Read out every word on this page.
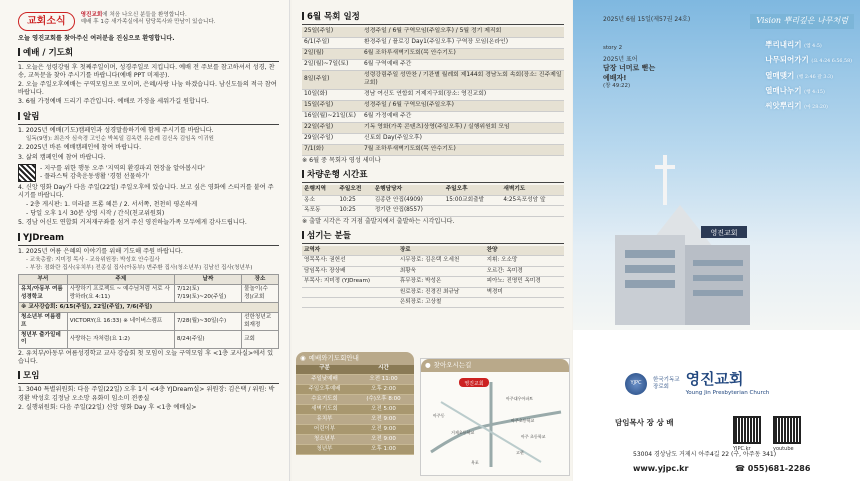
교회소식
영진교회에 처음 나오신 분들을 환영합니다.
예배 후 1층 새가족실에서 담당목사와 만남이 있습니다.
오늘 영진교회를 찾아주신 여러분을 진심으로 환영합니다.
예배 / 기도회
1. 오늘은 성령강림 후 첫째주일이며, 성경주일로 지킵니다. 예배 전 주보를 참고하셔서 성경, 찬송, 교독문을 찾아 주시기를 바랍니다(예배 PPT 미제공).
2. 오늘 주일오후예배는 구역모임으로 모이며, 은혜/사랑 나눔 하겠습니다. 남신도들의 적극 참여 바랍니다.
3. 6월 가정예배 드리기 주간입니다. 예배로 가정을 세워가길 원합니다.
알림
1. 2025년 예배(기도)캠페인과 성경말씀하기에 함께 주시기를 바랍니다.
일독(9명): 최은자 심숙경 고인순 박복일 김옥련 유순례 김신옥 김임옥 이귀원
2. 2025년 바른 예배캠페인에 참여 바랍니다.
3. 삶의 캠페인에 참여 바랍니다.
- 지구를 위한 행동 오주 '지역의 환경파괴 현장을 알아봅시다'
- 플라스틱 감축운동생활 '경험 선물하기'
4. 신앙 영화 Day가 다음 주일(22일) 주일오후에 있습니다. 보고 싶은 영화에 스티커를 붙여 주시기를 바랍니다.
- 2층 게시판: 1. 미라클 프롬 헤븐 / 2. 서서쪽, 천천히 평온하게
- 당일 오후 1시 30분 상영 시작 / 간식(친교위원회)
5. 경남 어신도 연합회 거저재구좌를 섬겨 주신 영진하늘가족 모두에게 감사드립니다.
YJDream
1. 2025년 여름 은혜의 이야기를 위해 기도해 주원 바랍니다.
- 교육총괄: 지미정 목사 - 교육위원장: 박성호 안수집사
- 부장: 점화란 집사(유치부) 전종실 집사(아동부) 변주환 집사(청소년부) 김남선 집사(청년부)
부서	주제	날짜	장소
유치/아동부 여름성경학교	사랑하기 프로젝트 ~ 예수님처럼 서로 사랑하라(요 4:11)	7/12(토) 7/19(토)~20(주일)	물놀이(수정)/교회
※ 교사강습회: 6/15(주일), 22일(주일), 7/6(주일)			
청소년부 여름캠프	VICTORY(요 16:33) ※ 네이버스캠프	7/28(월)~30일(수)	선한청년교회재정
청년부 출가일데이	사랑하는 자처럼(요 1:2)	8/24(주일)	교회
2. 유치부/아동부 여름성경학교 교사 강습회 첫 모임이 오늘 구역모임 후 <1층 교사실>에서 있습니다.
모임
1. 3040 특별위원회: 다음 주일(22일) 오후 1시 <4층 YJDream실> 위원장: 김은택 / 위원: 박경환 박성호 김정남 오소망 유화미 임소미 전종실
2. 실행위원회: 다음 주일(22일) 신앙 영화 Day 후 <1층 예배실>
6월 목회 일정
25일(주일)	성경주일 / 6월 구역모임(주일오후) / 5월 정기 제직회
6/1(주일)	환경주일 / 플로깅 Day1(주일오후) 구역장 모임(온라인)
2일(월)	6월 조하루새벽기도회(목 안수기도)
2일(월)~7일(토)	6월 구역예배 주간
8일(주일)	성령강림주일 성만찬 / 기관별 월례회 제144회 경남노회 속회(장소: 진주제일교회)
10일(화)	경남 여신도 연합회 거제지구회(장소: 영진교회)
15일(주일)	성경주일 / 6월 구역모임(주일오후)
16일(월)~21일(토)	6월 가정예배 주간
22일(주일)	기독 영화(가족 콘텐츠)상영(주일오후) / 실행위원회 모임
29일(주일)	신토회 Day(주일오후)
7/1(화)	7월 조하루새벽기도회(목 안수기도)
※ 6월 중 목회자 영성 세미나
차량운행 시간표
운행지역	주일오전	운행담당자	주일오후	새벽기도
옹소	10:25	김종란 안집(4909)	15:00교회출발	4:25옥포성암 앞
옥포동	10:25	정기란 안집(8557)		
※ 출발 시각은 각 거점 출발지에서 출발하는 시각입니다.
섬기는 분들
교역자	장로	찬양
영목목사: 권헌선	시무장로: 김은택 오세천	지휘: 오소망
담임목사: 장상배	최황욱	오르간: 옥미경
부목사: 지미정 (YJDream)	휴무장로: 박성온	피아노: 진명민 옥미경
	원로장로: 진경진 최규남	벽경미
	은퇴장로: 고상철	
◉ 예배와기도회안내
구분	시간
주일낮예배	오전 11:00
주일오후예배	오후 2:00
수요기도회	(수)오후 8:00
새벽기도회	오전 5:00
유치부	오전 9:00
어린이부	오전 9:00
청소년부	오전 9:00
청년부	오후 1:00
● 찾아오시는길
영진교회
아주대우아파트
아주초등학교
아주동
거제초등학교
아주 초등학교
고현
옥포
2025년 6월 15일(제57권 24호)	Vision 뿌리깊은 나무처럼
story 2
2025년 표어
담장 너머로 뻗는 예배자!
(창 49:22)
뿌리내리기 (엡 4:5)
나무되어가기 (요 4:24 6:56,58)
열매맺기 (행 2:46 갈 3:3)
열매나누기 (행 4:15)
씨앗뿌리기 (마 28:20)
영진교회
YJPC
한국기독교
장로회	영진교회
Young Jin Presbyterian Church
담임목사 장 상 배
YJPC.kr	youtube
53004 경상남도 거제시 아주4길 22 (구, 아주동 341)
www.yjpc.kr	☎ 055)681-2286
